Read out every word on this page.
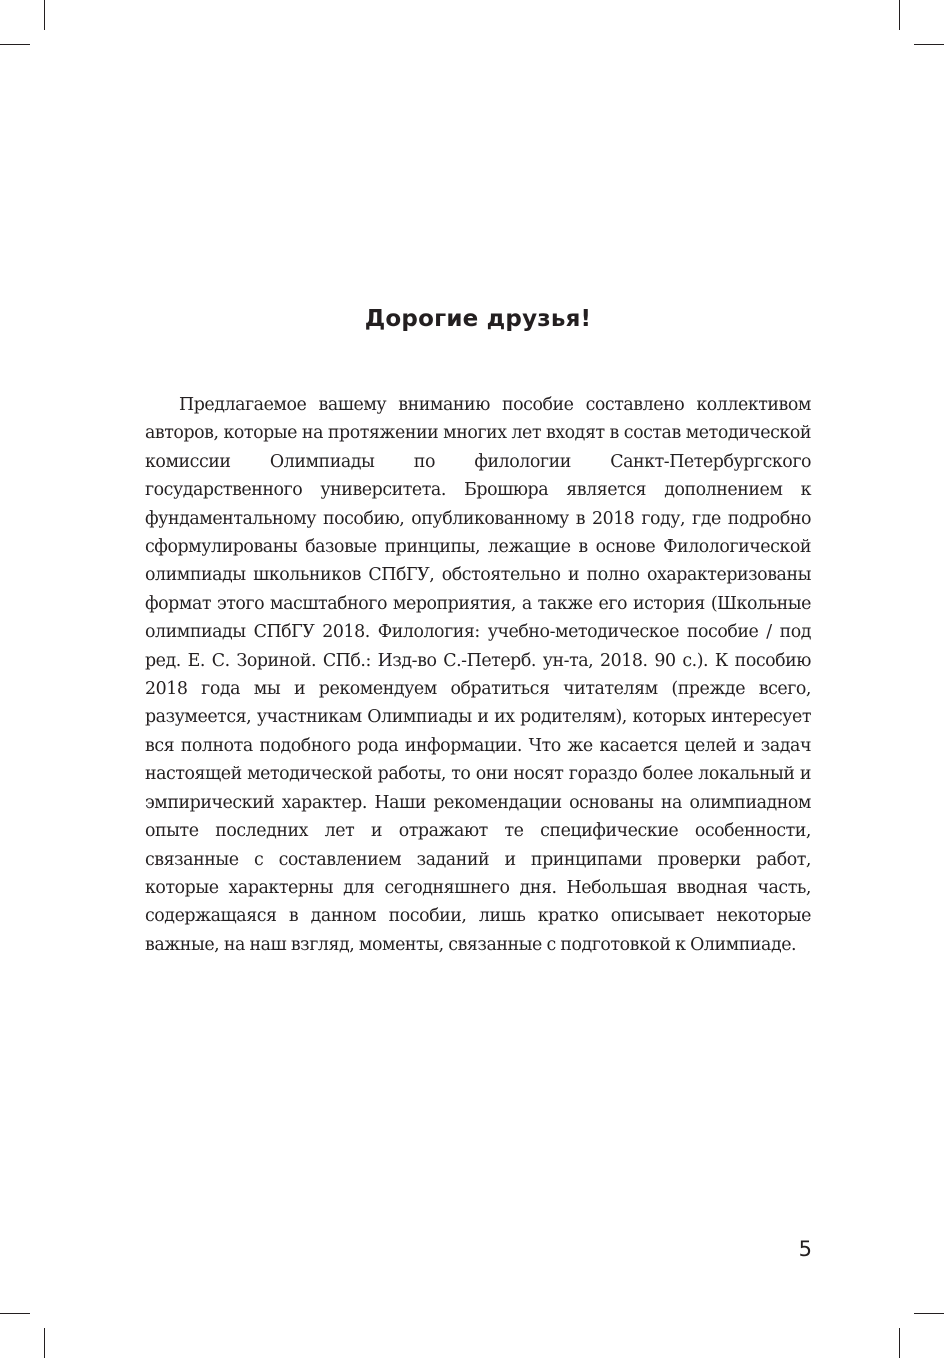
Дорогие друзья!

Предлагаемое вашему вниманию пособие составлено коллективом авторов, которые на протяжении многих лет входят в состав методической комиссии Олимпиады по филологии Санкт-Петербургского государственного университета. Брошюра является дополнением к фундаментальному пособию, опубликованному в 2018 году, где подробно сформулированы базовые принципы, лежащие в основе Филологической олимпиады школьников СПбГУ, обстоятельно и полно охарактеризованы формат этого масштабного мероприятия, а также его история (Школьные олимпиады СПбГУ 2018. Филология: учебно-методическое пособие / под ред. Е. С. Зориной. СПб.: Изд-во С.-Петерб. ун-та, 2018. 90 с.). К пособию 2018 года мы и рекомендуем обратиться читателям (прежде всего, разумеется, участникам Олимпиады и их родителям), которых интересует вся полнота подобного рода информации. Что же касается целей и задач настоящей методической работы, то они носят гораздо более локальный и эмпирический характер. Наши рекомендации основаны на олимпиадном опыте последних лет и отражают те специфические особенности, связанные с составлением заданий и принципами проверки работ, которые характерны для сегодняшнего дня. Небольшая вводная часть, содержащаяся в данном пособии, лишь кратко описывает некоторые важные, на наш взгляд, моменты, связанные с подготовкой к Олимпиаде.

5
